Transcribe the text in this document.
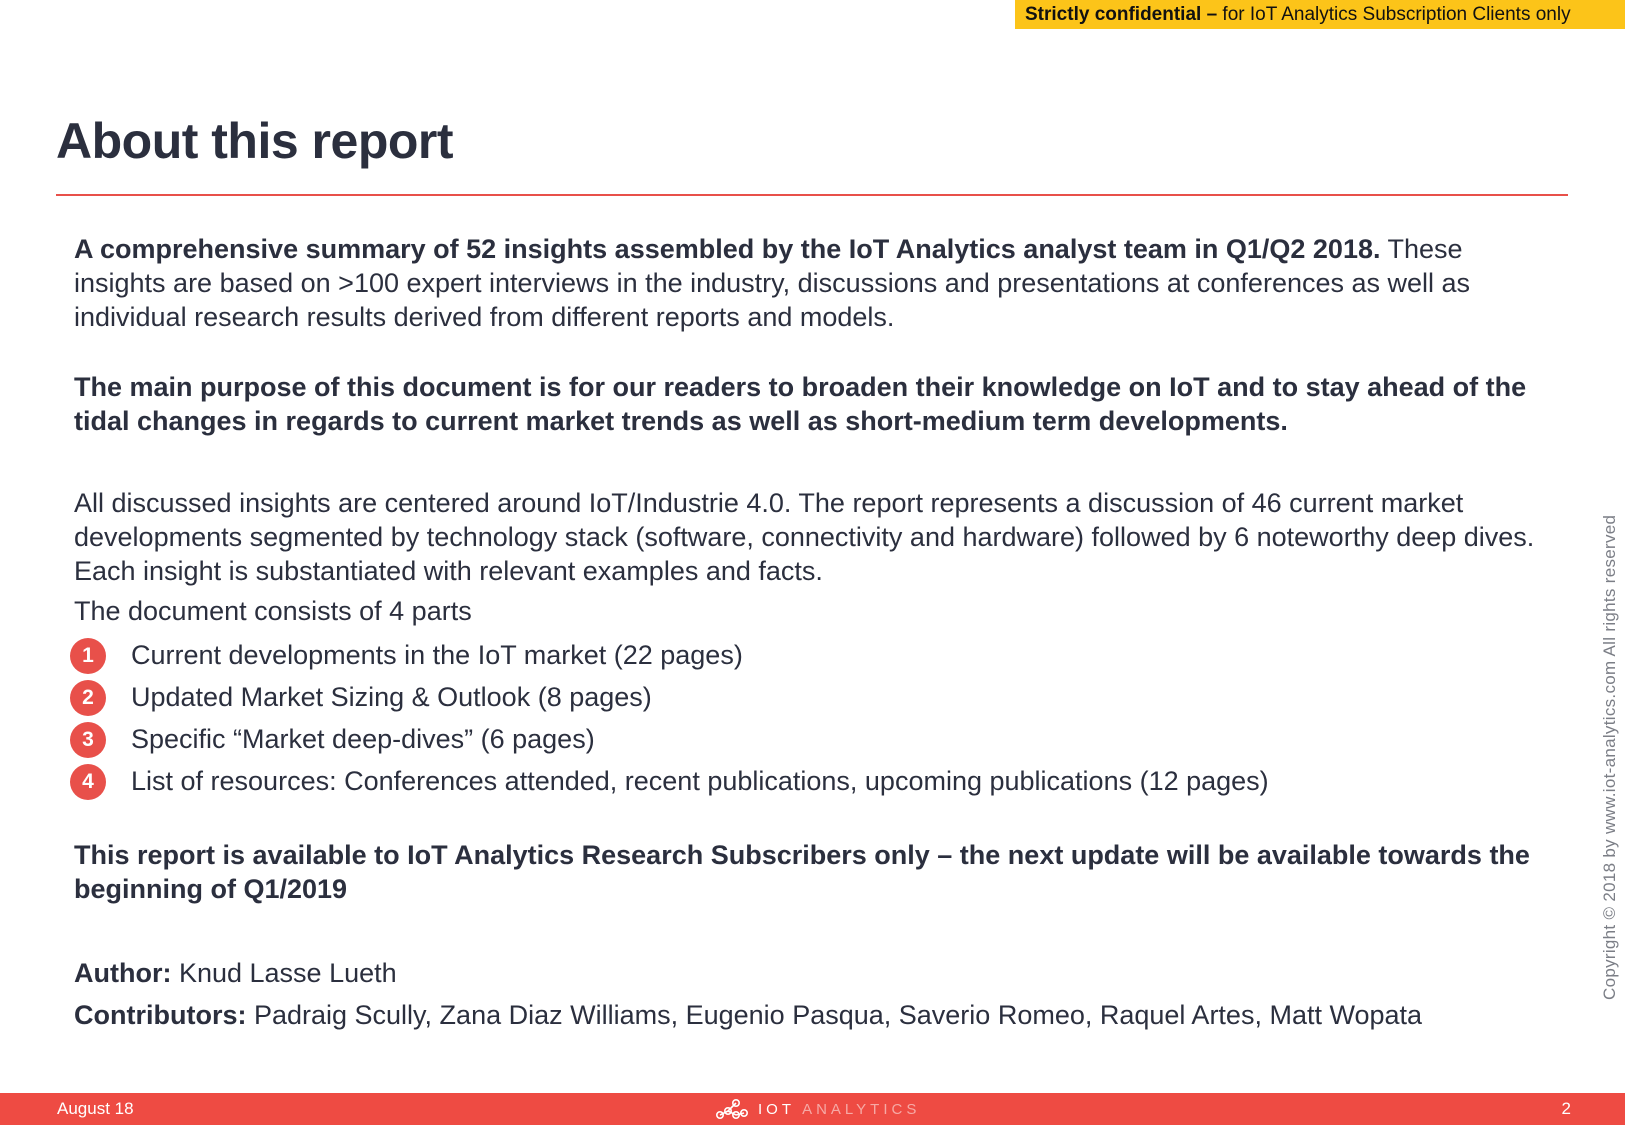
Strictly confidential – for IoT Analytics Subscription Clients only
About this report

A comprehensive summary of 52 insights assembled by the IoT Analytics analyst team in Q1/Q2 2018. These insights are based on >100 expert interviews in the industry, discussions and presentations at conferences as well as individual research results derived from different reports and models.

The main purpose of this document is for our readers to broaden their knowledge on IoT and to stay ahead of the tidal changes in regards to current market trends as well as short-medium term developments.

All discussed insights are centered around IoT/Industrie 4.0. The report represents a discussion of 46 current market developments segmented by technology stack (software, connectivity and hardware) followed by 6 noteworthy deep dives. Each insight is substantiated with relevant examples and facts.

The document consists of 4 parts

1	Current developments in the IoT market (22 pages)
2	Updated Market Sizing & Outlook (8 pages)
3	Specific “Market deep-dives” (6 pages)
4	List of resources: Conferences attended, recent publications, upcoming publications (12 pages)

This report is available to IoT Analytics Research Subscribers only – the next update will be available towards the beginning of Q1/2019

Author: Knud Lasse Lueth

Contributors: Padraig Scully, Zana Diaz Williams, Eugenio Pasqua, Saverio Romeo, Raquel Artes, Matt Wopata

Copyright © 2018 by www.iot-analytics.com All rights reserved
August 18	IOT ANALYTICS	2
